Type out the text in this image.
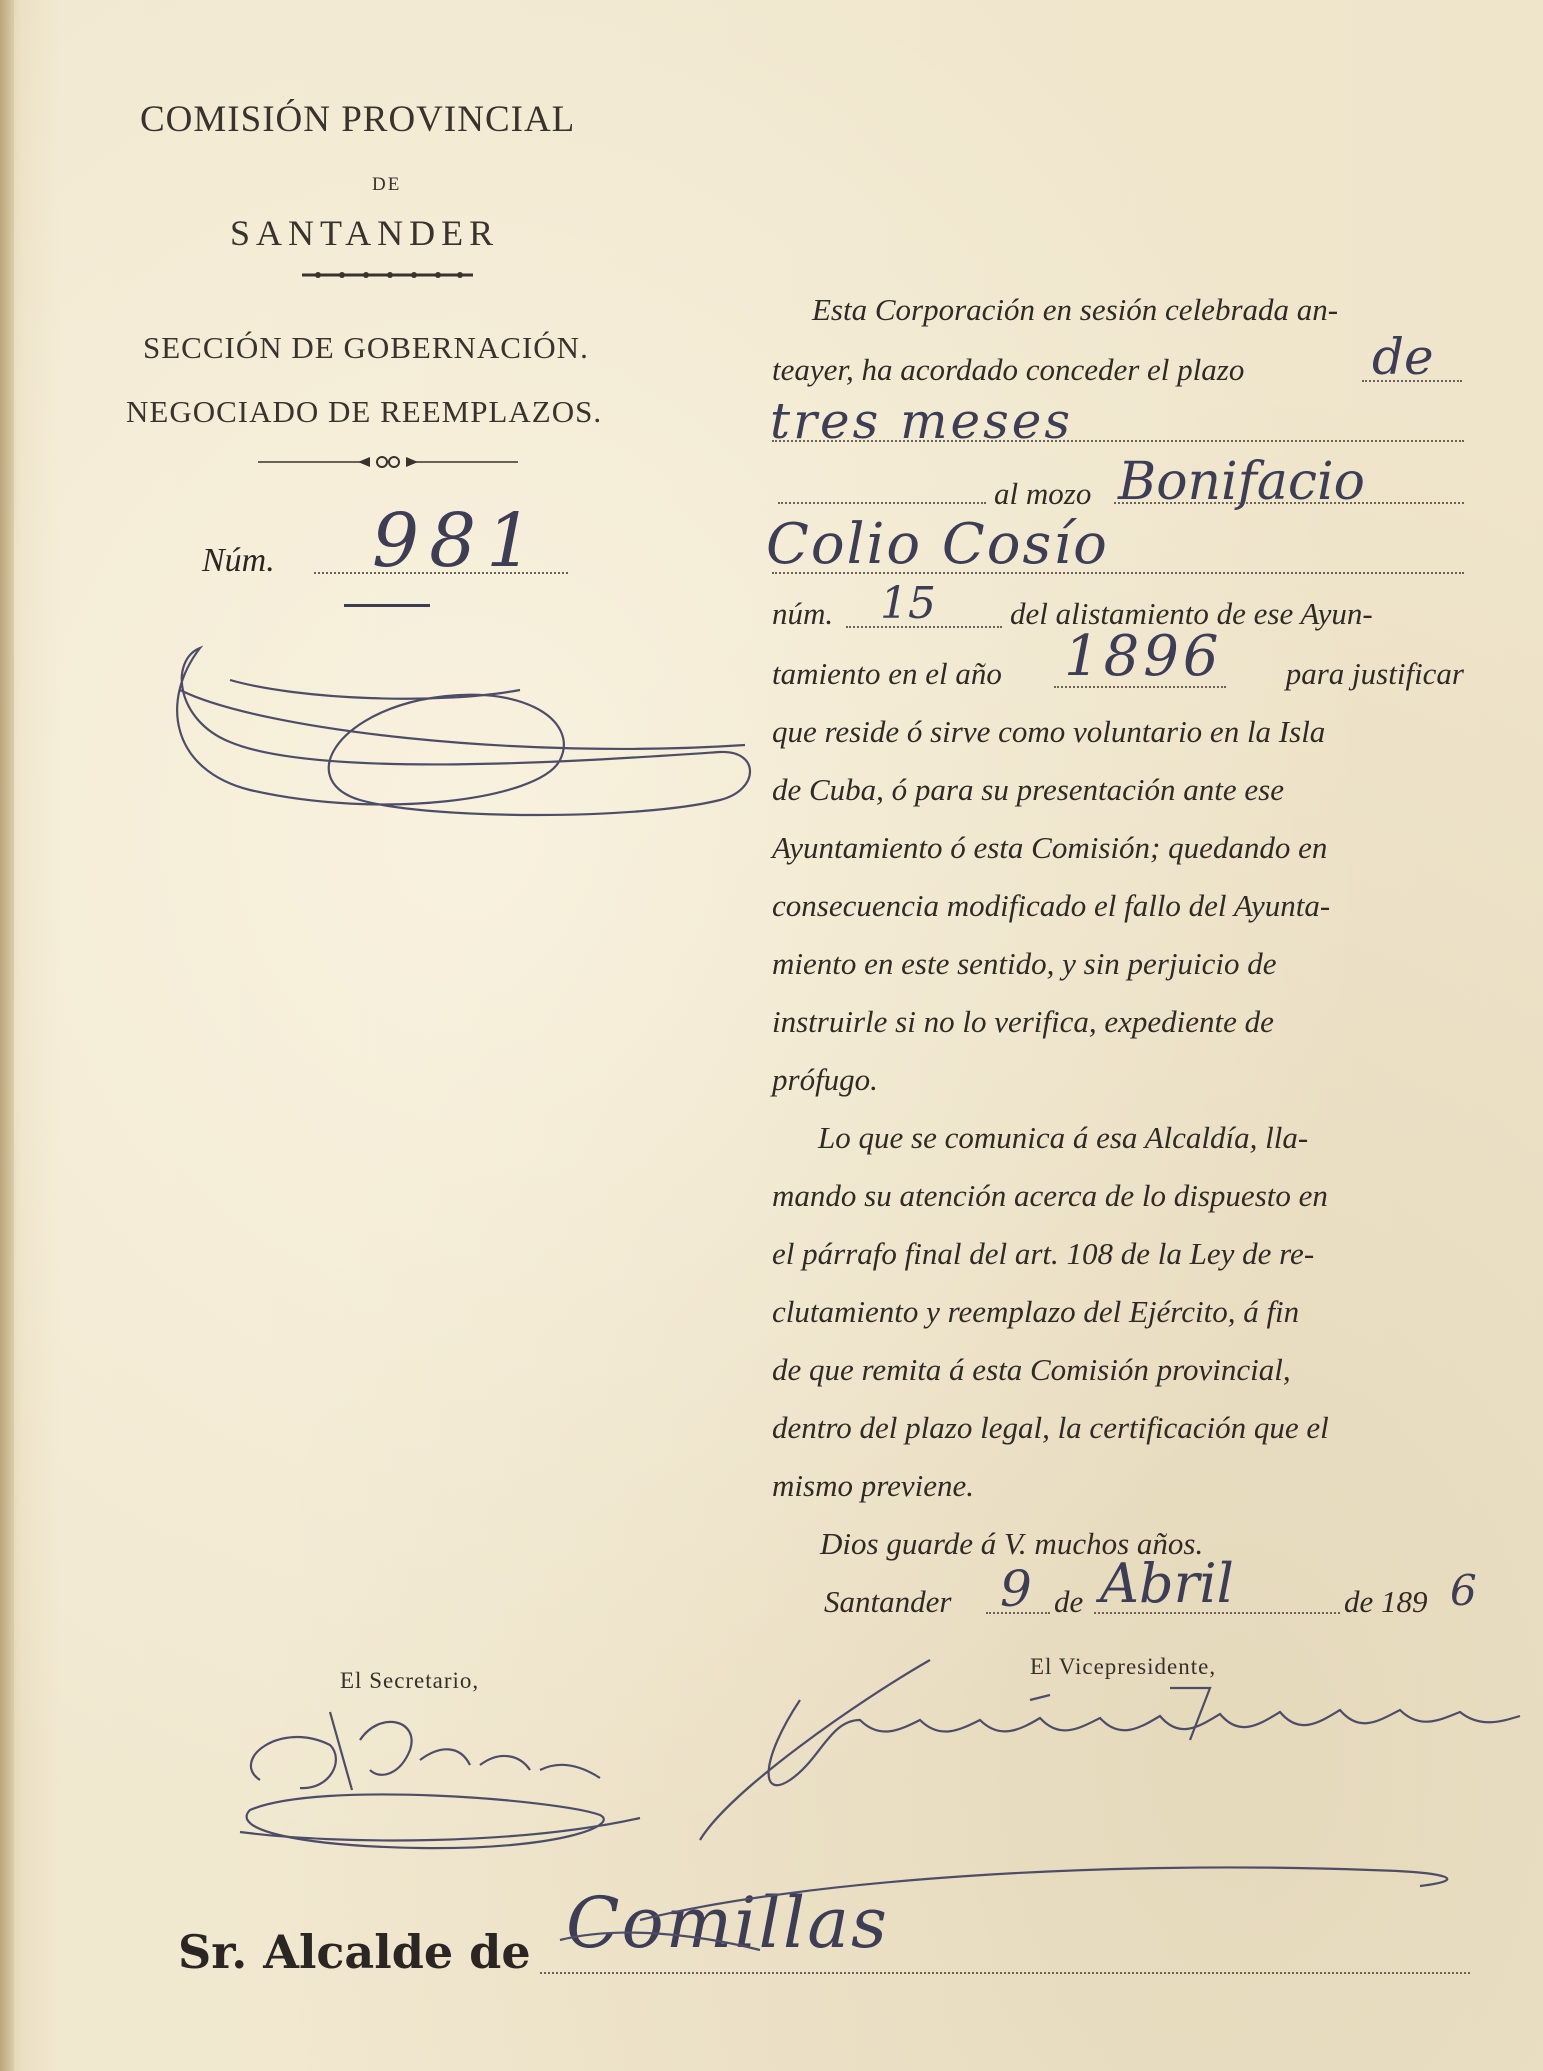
COMISIÓN PROVINCIAL
DE
SANTANDER
SECCIÓN DE GOBERNACIÓN.
NEGOCIADO DE REEMPLAZOS.
Núm. 981
Esta Corporación en sesión celebrada an-
teayer, ha acordado conceder el plazo	de
tres meses
al mozo Bonifacio
Colio Cosío
núm. 15 del alistamiento de ese Ayun-
tamiento en el año 1896	para justificar
que reside ó sirve como voluntario en la Isla
de Cuba, ó para su presentación ante ese
Ayuntamiento ó esta Comisión; quedando en
consecuencia modificado el fallo del Ayunta-
miento en este sentido, y sin perjuicio de
instruirle si no lo verifica, expediente de
prófugo.
Lo que se comunica á esa Alcaldía, lla-
mando su atención acerca de lo dispuesto en
el párrafo final del art. 108 de la Ley de re-
clutamiento y reemplazo del Ejército, á fin
de que remita á esta Comisión provincial,
dentro del plazo legal, la certificación que el
mismo previene.
Dios guarde á V. muchos años.
Santander 9 de Abril	de 189 6
El Secretario,
El Vicepresidente,
Sr. Alcalde de Comillas
